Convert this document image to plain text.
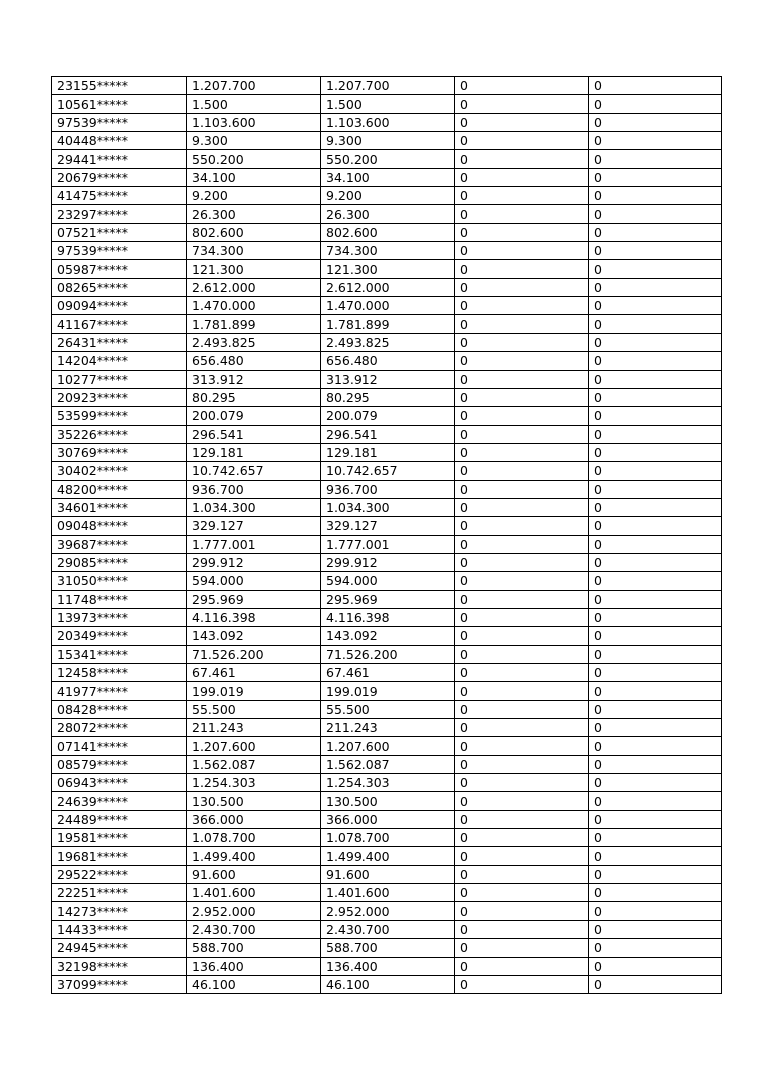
23155*****	1.207.700	1.207.700	0	0
10561*****	1.500	1.500	0	0
97539*****	1.103.600	1.103.600	0	0
40448*****	9.300	9.300	0	0
29441*****	550.200	550.200	0	0
20679*****	34.100	34.100	0	0
41475*****	9.200	9.200	0	0
23297*****	26.300	26.300	0	0
07521*****	802.600	802.600	0	0
97539*****	734.300	734.300	0	0
05987*****	121.300	121.300	0	0
08265*****	2.612.000	2.612.000	0	0
09094*****	1.470.000	1.470.000	0	0
41167*****	1.781.899	1.781.899	0	0
26431*****	2.493.825	2.493.825	0	0
14204*****	656.480	656.480	0	0
10277*****	313.912	313.912	0	0
20923*****	80.295	80.295	0	0
53599*****	200.079	200.079	0	0
35226*****	296.541	296.541	0	0
30769*****	129.181	129.181	0	0
30402*****	10.742.657	10.742.657	0	0
48200*****	936.700	936.700	0	0
34601*****	1.034.300	1.034.300	0	0
09048*****	329.127	329.127	0	0
39687*****	1.777.001	1.777.001	0	0
29085*****	299.912	299.912	0	0
31050*****	594.000	594.000	0	0
11748*****	295.969	295.969	0	0
13973*****	4.116.398	4.116.398	0	0
20349*****	143.092	143.092	0	0
15341*****	71.526.200	71.526.200	0	0
12458*****	67.461	67.461	0	0
41977*****	199.019	199.019	0	0
08428*****	55.500	55.500	0	0
28072*****	211.243	211.243	0	0
07141*****	1.207.600	1.207.600	0	0
08579*****	1.562.087	1.562.087	0	0
06943*****	1.254.303	1.254.303	0	0
24639*****	130.500	130.500	0	0
24489*****	366.000	366.000	0	0
19581*****	1.078.700	1.078.700	0	0
19681*****	1.499.400	1.499.400	0	0
29522*****	91.600	91.600	0	0
22251*****	1.401.600	1.401.600	0	0
14273*****	2.952.000	2.952.000	0	0
14433*****	2.430.700	2.430.700	0	0
24945*****	588.700	588.700	0	0
32198*****	136.400	136.400	0	0
37099*****	46.100	46.100	0	0
